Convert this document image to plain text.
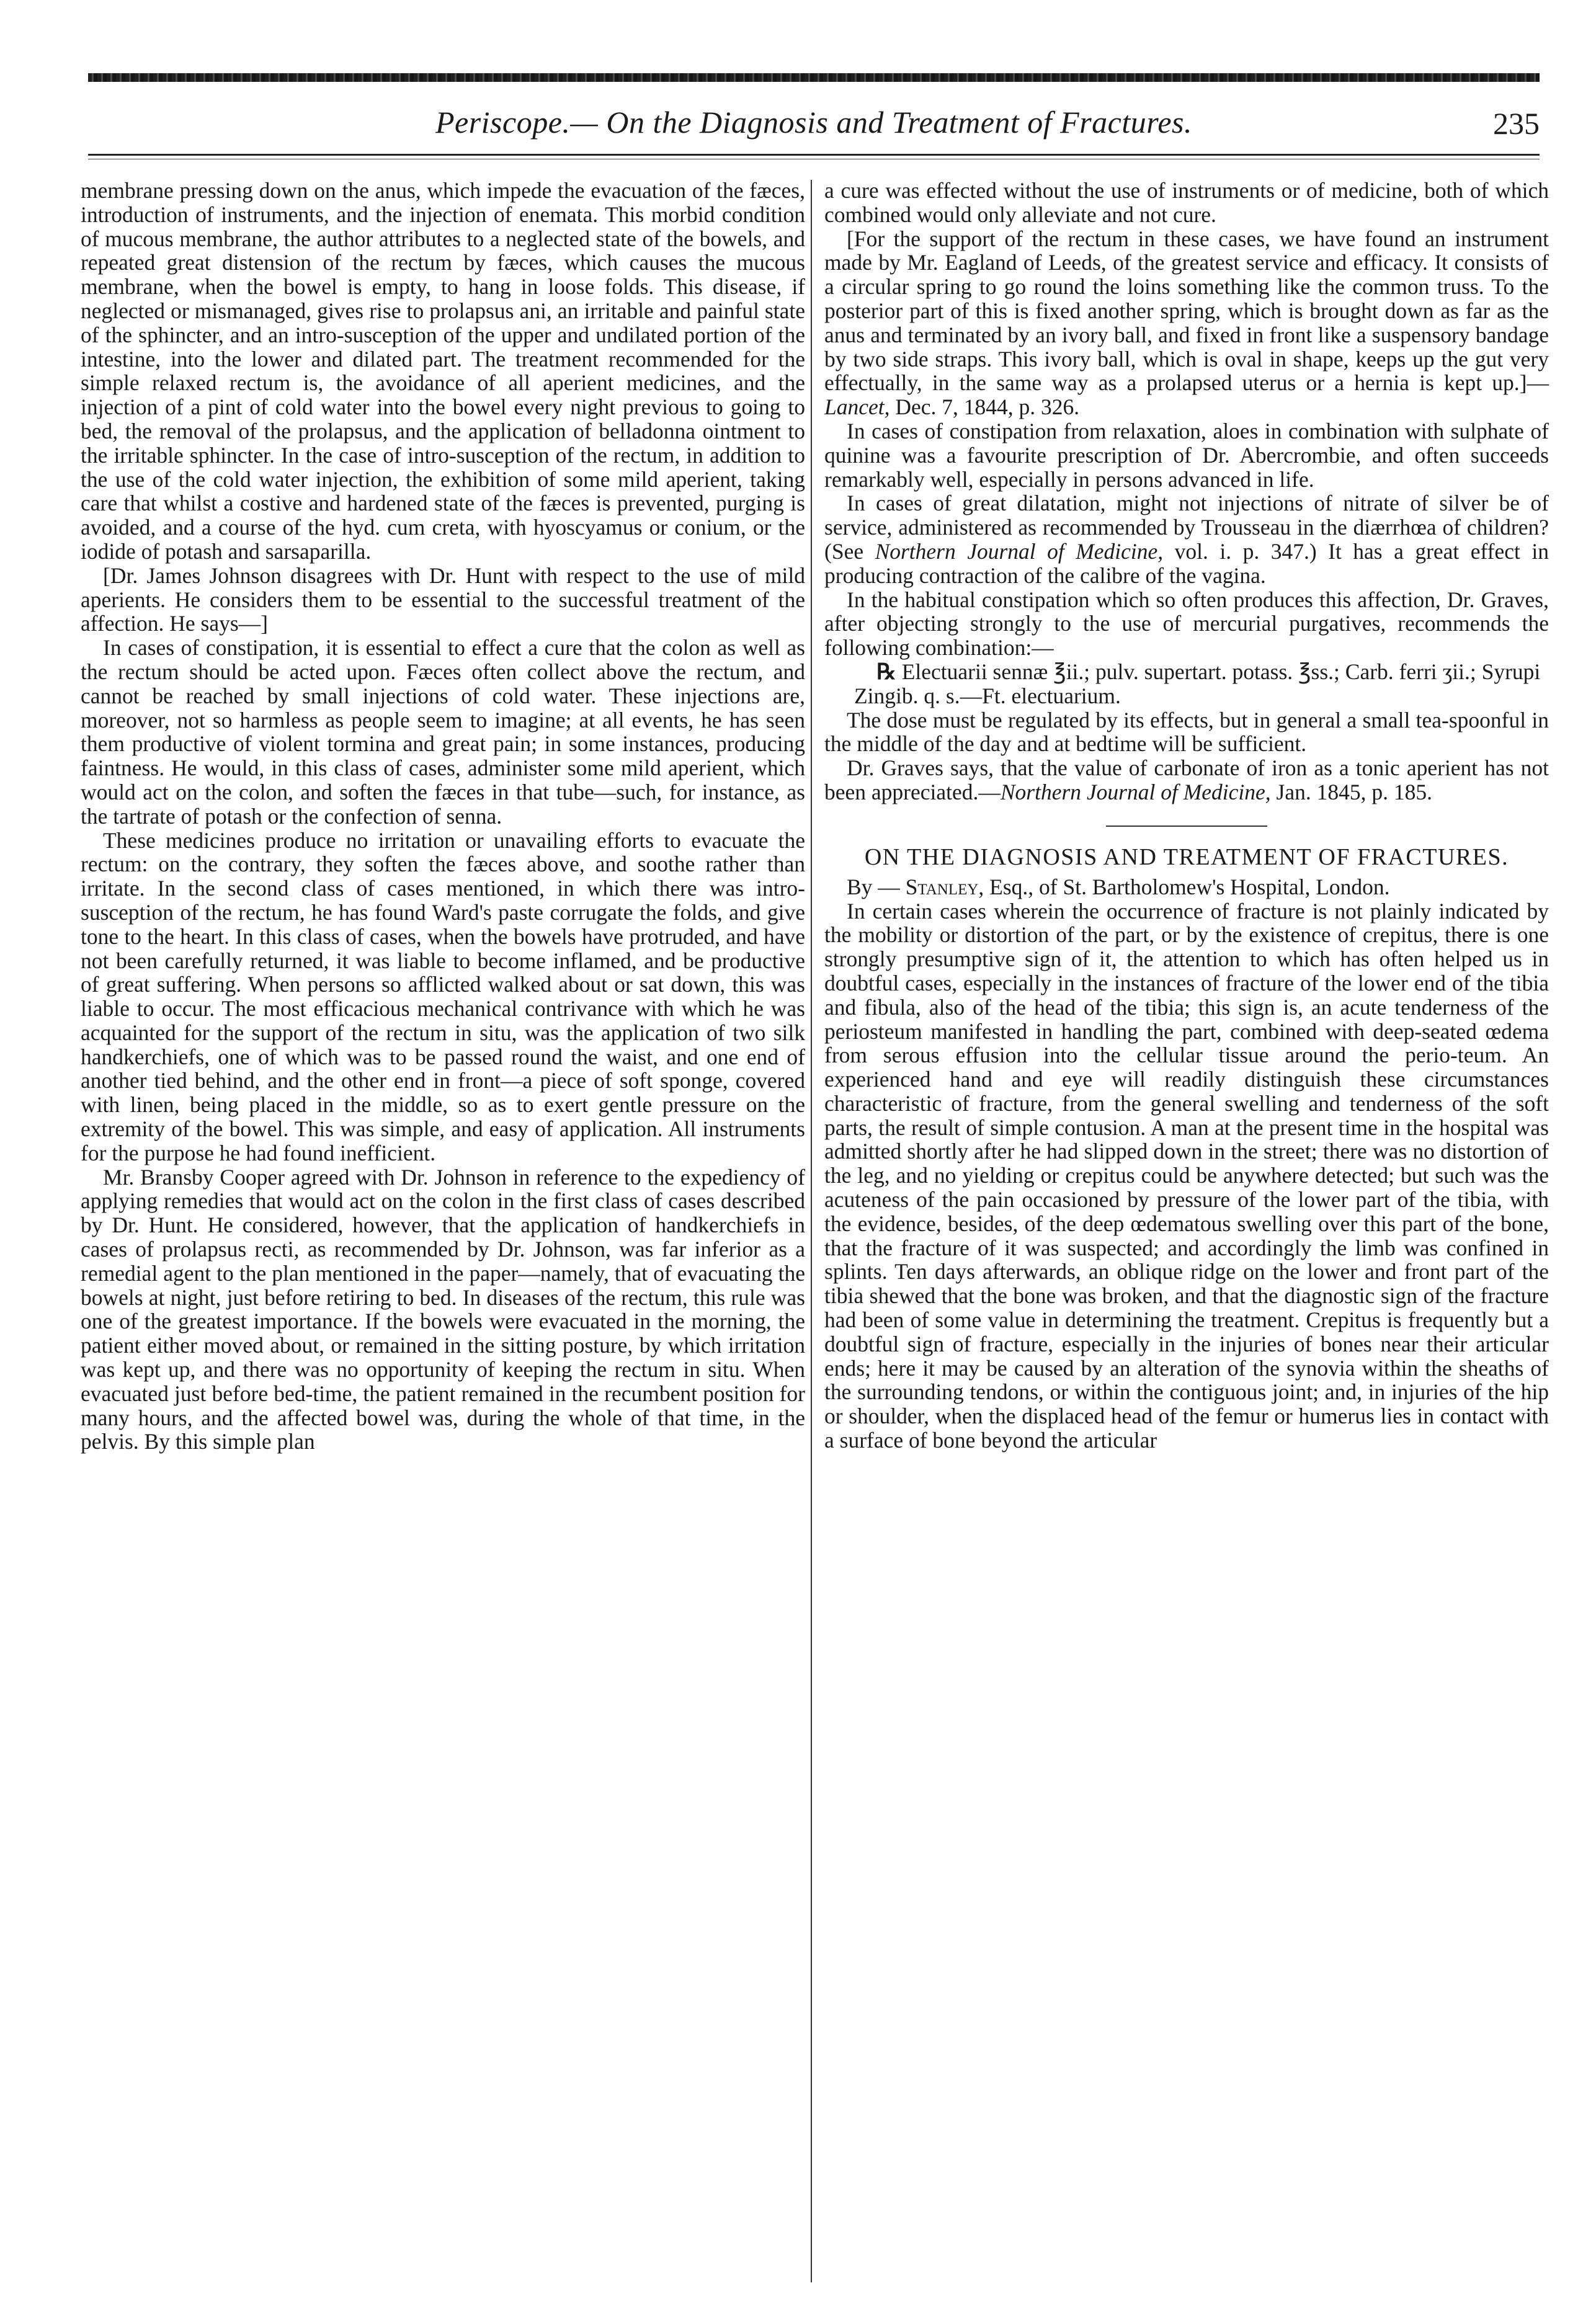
Periscope.— On the Diagnosis and Treatment of Fractures.	235

membrane pressing down on the anus, which impede the evacuation of the fæces, introduction of instruments, and the injection of enemata. This morbid condition of mucous membrane, the author attributes to a neglected state of the bowels, and repeated great distension of the rectum by fæces, which causes the mucous membrane, when the bowel is empty, to hang in loose folds. This disease, if neglected or mismanaged, gives rise to prolapsus ani, an irritable and painful state of the sphincter, and an intro-susception of the upper and undilated portion of the intestine, into the lower and dilated part. The treatment recommended for the simple relaxed rectum is, the avoidance of all aperient medicines, and the injection of a pint of cold water into the bowel every night previous to going to bed, the removal of the prolapsus, and the application of belladonna ointment to the irritable sphincter. In the case of intro-susception of the rectum, in addition to the use of the cold water injection, the exhibition of some mild aperient, taking care that whilst a costive and hardened state of the fæces is prevented, purging is avoided, and a course of the hyd. cum creta, with hyoscyamus or conium, or the iodide of potash and sarsaparilla.

[Dr. James Johnson disagrees with Dr. Hunt with respect to the use of mild aperients. He considers them to be essential to the successful treatment of the affection. He says—]

In cases of constipation, it is essential to effect a cure that the colon as well as the rectum should be acted upon. Fæces often collect above the rectum, and cannot be reached by small injections of cold water. These injections are, moreover, not so harmless as people seem to imagine; at all events, he has seen them productive of violent tormina and great pain; in some instances, producing faintness. He would, in this class of cases, administer some mild aperient, which would act on the colon, and soften the fæces in that tube—such, for instance, as the tartrate of potash or the confection of senna.

These medicines produce no irritation or unavailing efforts to evacuate the rectum: on the contrary, they soften the fæces above, and soothe rather than irritate. In the second class of cases mentioned, in which there was intro-susception of the rectum, he has found Ward's paste corrugate the folds, and give tone to the heart. In this class of cases, when the bowels have protruded, and have not been carefully returned, it was liable to become inflamed, and be productive of great suffering. When persons so afflicted walked about or sat down, this was liable to occur. The most efficacious mechanical contrivance with which he was acquainted for the support of the rectum in situ, was the application of two silk handkerchiefs, one of which was to be passed round the waist, and one end of another tied behind, and the other end in front—a piece of soft sponge, covered with linen, being placed in the middle, so as to exert gentle pressure on the extremity of the bowel. This was simple, and easy of application. All instruments for the purpose he had found inefficient.

Mr. Bransby Cooper agreed with Dr. Johnson in reference to the expediency of applying remedies that would act on the colon in the first class of cases described by Dr. Hunt. He considered, however, that the application of handkerchiefs in cases of prolapsus recti, as recommended by Dr. Johnson, was far inferior as a remedial agent to the plan mentioned in the paper—namely, that of evacuating the bowels at night, just before retiring to bed. In diseases of the rectum, this rule was one of the greatest importance. If the bowels were evacuated in the morning, the patient either moved about, or remained in the sitting posture, by which irritation was kept up, and there was no opportunity of keeping the rectum in situ. When evacuated just before bed-time, the patient remained in the recumbent position for many hours, and the affected bowel was, during the whole of that time, in the pelvis. By this simple plan

a cure was effected without the use of instruments or of medicine, both of which combined would only alleviate and not cure.

[For the support of the rectum in these cases, we have found an instrument made by Mr. Eagland of Leeds, of the greatest service and efficacy. It consists of a circular spring to go round the loins something like the common truss. To the posterior part of this is fixed another spring, which is brought down as far as the anus and terminated by an ivory ball, and fixed in front like a suspensory bandage by two side straps. This ivory ball, which is oval in shape, keeps up the gut very effectually, in the same way as a prolapsed uterus or a hernia is kept up.]—Lancet, Dec. 7, 1844, p. 326.

In cases of constipation from relaxation, aloes in combination with sulphate of quinine was a favourite prescription of Dr. Abercrombie, and often succeeds remarkably well, especially in persons advanced in life.

In cases of great dilatation, might not injections of nitrate of silver be of service, administered as recommended by Trousseau in the diærrhœa of children? (See Northern Journal of Medicine, vol. i. p. 347.) It has a great effect in producing contraction of the calibre of the vagina.

In the habitual constipation which so often produces this affection, Dr. Graves, after objecting strongly to the use of mercurial purgatives, recommends the following combination:—

℞ Electuarii sennæ ℥ii.; pulv. supertart. potass. ℥ss.; Carb. ferri ʒii.; Syrupi Zingib. q. s.—Ft. electuarium.

The dose must be regulated by its effects, but in general a small tea-spoonful in the middle of the day and at bedtime will be sufficient.

Dr. Graves says, that the value of carbonate of iron as a tonic aperient has not been appreciated.—Northern Journal of Medicine, Jan. 1845, p. 185.

ON THE DIAGNOSIS AND TREATMENT OF FRACTURES.

By — Stanley, Esq., of St. Bartholomew's Hospital, London.

In certain cases wherein the occurrence of fracture is not plainly indicated by the mobility or distortion of the part, or by the existence of crepitus, there is one strongly presumptive sign of it, the attention to which has often helped us in doubtful cases, especially in the instances of fracture of the lower end of the tibia and fibula, also of the head of the tibia; this sign is, an acute tenderness of the periosteum manifested in handling the part, combined with deep-seated œdema from serous effusion into the cellular tissue around the perio-teum. An experienced hand and eye will readily distinguish these circumstances characteristic of fracture, from the general swelling and tenderness of the soft parts, the result of simple contusion. A man at the present time in the hospital was admitted shortly after he had slipped down in the street; there was no distortion of the leg, and no yielding or crepitus could be anywhere detected; but such was the acuteness of the pain occasioned by pressure of the lower part of the tibia, with the evidence, besides, of the deep œdematous swelling over this part of the bone, that the fracture of it was suspected; and accordingly the limb was confined in splints. Ten days afterwards, an oblique ridge on the lower and front part of the tibia shewed that the bone was broken, and that the diagnostic sign of the fracture had been of some value in determining the treatment. Crepitus is frequently but a doubtful sign of fracture, especially in the injuries of bones near their articular ends; here it may be caused by an alteration of the synovia within the sheaths of the surrounding tendons, or within the contiguous joint; and, in injuries of the hip or shoulder, when the displaced head of the femur or humerus lies in contact with a surface of bone beyond the articular
